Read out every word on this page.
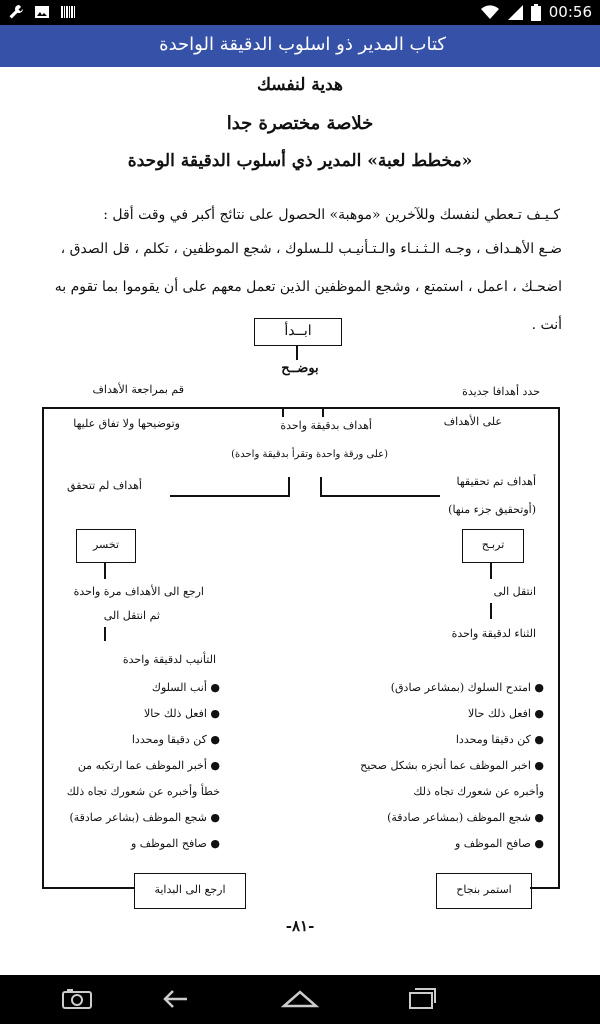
00:56
كتاب المدير ذو اسلوب الدقيقة الواحدة
هدية لنفسك
خلاصة مختصرة جدا
«مخطط لعبة» المدير ذي أسلوب الدقيقة الوحدة
كـيـف تـعطي لنفسك وللآخرين «موهبة» الحصول على نتائج أكبر في وقت أقل :
ضـع الأهـداف ، وجـه الـثـنـاء والـتـأنيـب للـسلوك ، شجع الموظفين ، تكلم ، قل الصدق ،
اضحـك ، اعمل ، استمتع ، وشجع الموظفين الذين تعمل معهم على أن يقوموا بما تقوم به
أنت .
ابــدأ
بوضــح
قم بمراجعة الأهداف
وتوضيحها ولا تفاق عليها
حدد أهدافا جديدة
على الأهداف
أهداف بدقيقة واحدة
(على ورقة واحدة وتقرأ بدقيقة واحدة)
أهداف لم تتحقق	أهداف تم تحقيقها
(أوتحقيق جزء منها)
تخسر	تربـح
ارجع الى الأهداف مرة واحدة
ثم انتقل الى
انتقل الى
التأنيب لدقيقة واحدة
الثناء لدقيقة واحدة
● أنب السلوك
● افعل ذلك حالا
● كن دقيقا ومحددا
● أخبر الموظف عما ارتكبه من
خطأ وأخبره عن شعورك تجاه ذلك
● شجع الموظف (بشاعر صادقة)
● صافح الموظف و
● امتدح السلوك (بمشاعر صادق)
● افعل ذلك حالا
● كن دقيقا ومحددا
● اخبر الموظف عما أنجزه بشكل صحيح
وأخبره عن شعورك تجاه ذلك
● شجع الموظف (بمشاعر صادقة)
● صافح الموظف و
ارجع الى البداية	استمر بنجاح
-٨١-
